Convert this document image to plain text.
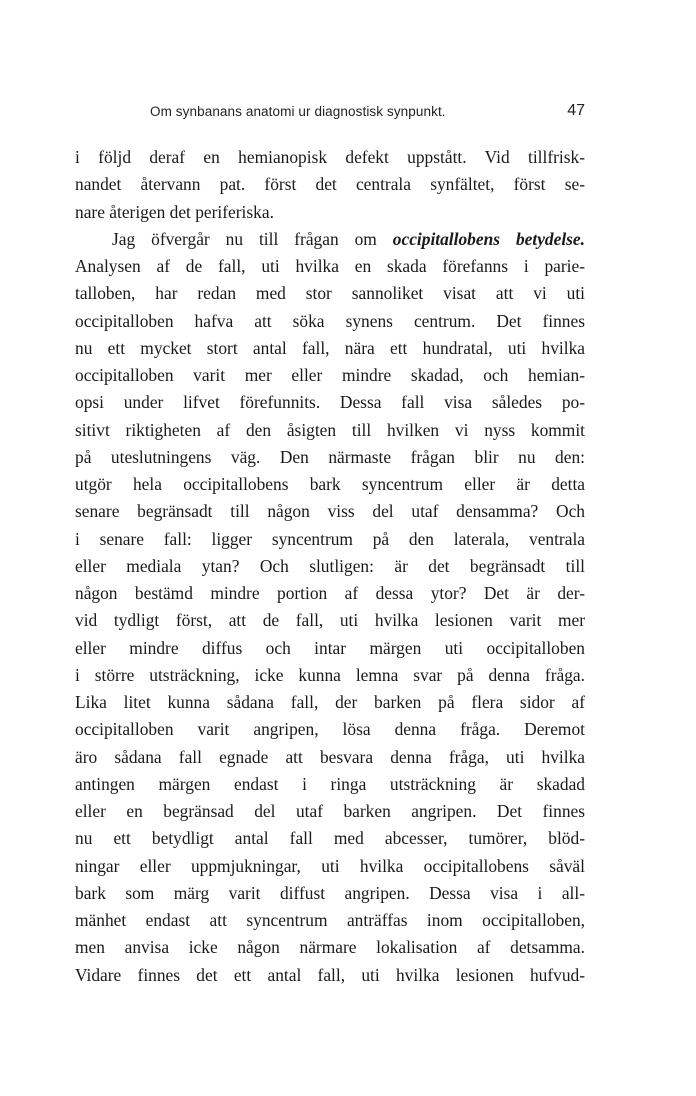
Om synbanans anatomi ur diagnostisk synpunkt.	47
i följd deraf en hemianopisk defekt uppstått. Vid tillfrisk-
nandet återvann pat. först det centrala synfältet, först se-
nare återigen det periferiska.
Jag öfvergår nu till frågan om occipitallobens betydelse.
Analysen af de fall, uti hvilka en skada förefanns i parie-
talloben, har redan med stor sannoliket visat att vi uti
occipitalloben hafva att söka synens centrum. Det finnes
nu ett mycket stort antal fall, nära ett hundratal, uti hvilka
occipitalloben varit mer eller mindre skadad, och hemian-
opsi under lifvet förefunnits. Dessa fall visa således po-
sitivt riktigheten af den åsigten till hvilken vi nyss kommit
på uteslutningens väg. Den närmaste frågan blir nu den:
utgör hela occipitallobens bark syncentrum eller är detta
senare begränsadt till någon viss del utaf densamma? Och
i senare fall: ligger syncentrum på den laterala, ventrala
eller mediala ytan? Och slutligen: är det begränsadt till
någon bestämd mindre portion af dessa ytor? Det är der-
vid tydligt först, att de fall, uti hvilka lesionen varit mer
eller mindre diffus och intar märgen uti occipitalloben
i större utsträckning, icke kunna lemna svar på denna fråga.
Lika litet kunna sådana fall, der barken på flera sidor af
occipitalloben varit angripen, lösa denna fråga. Deremot
äro sådana fall egnade att besvara denna fråga, uti hvilka
antingen märgen endast i ringa utsträckning är skadad
eller en begränsad del utaf barken angripen. Det finnes
nu ett betydligt antal fall med abcesser, tumörer, blöd-
ningar eller uppmjukningar, uti hvilka occipitallobens såväl
bark som märg varit diffust angripen. Dessa visa i all-
mänhet endast att syncentrum anträffas inom occipitalloben,
men anvisa icke någon närmare lokalisation af detsamma.
Vidare finnes det ett antal fall, uti hvilka lesionen hufvud-
